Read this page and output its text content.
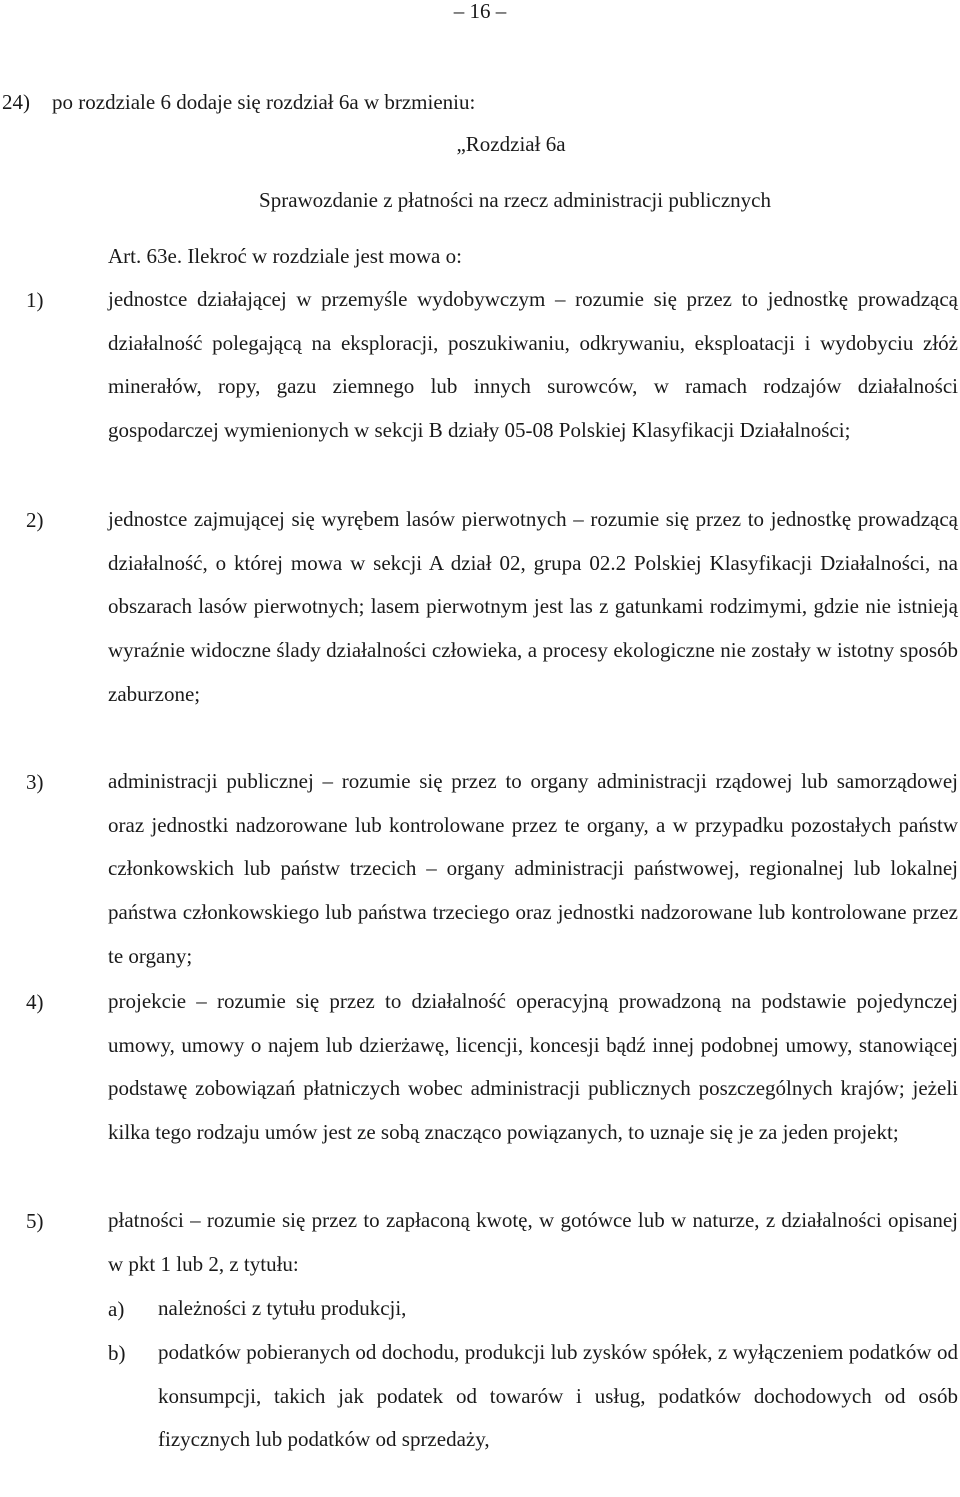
– 16 –
24) po rozdziale 6 dodaje się rozdział 6a w brzmieniu:
„Rozdział 6a
Sprawozdanie z płatności na rzecz administracji publicznych
Art. 63e. Ilekroć w rozdziale jest mowa o:
1)	jednostce działającej w przemyśle wydobywczym – rozumie się przez to jednostkę prowadzącą działalność polegającą na eksploracji, poszukiwaniu, odkrywaniu, eksploatacji i wydobyciu złóż minerałów, ropy, gazu ziemnego lub innych surowców, w ramach rodzajów działalności gospodarczej wymienionych w sekcji B działy 05-08 Polskiej Klasyfikacji Działalności;
2)	jednostce zajmującej się wyrębem lasów pierwotnych – rozumie się przez to jednostkę prowadzącą działalność, o której mowa w sekcji A dział 02, grupa 02.2 Polskiej Klasyfikacji Działalności, na obszarach lasów pierwotnych; lasem pierwotnym jest las z gatunkami rodzimymi, gdzie nie istnieją wyraźnie widoczne ślady działalności człowieka, a procesy ekologiczne nie zostały w istotny sposób zaburzone;
3)	administracji publicznej – rozumie się przez to organy administracji rządowej lub samorządowej oraz jednostki nadzorowane lub kontrolowane przez te organy, a w przypadku pozostałych państw członkowskich lub państw trzecich – organy administracji państwowej, regionalnej lub lokalnej państwa członkowskiego lub państwa trzeciego oraz jednostki nadzorowane lub kontrolowane przez te organy;
4)	projekcie – rozumie się przez to działalność operacyjną prowadzoną na podstawie pojedynczej umowy, umowy o najem lub dzierżawę, licencji, koncesji bądź innej podobnej umowy, stanowiącej podstawę zobowiązań płatniczych wobec administracji publicznych poszczególnych krajów; jeżeli kilka tego rodzaju umów jest ze sobą znacząco powiązanych, to uznaje się je za jeden projekt;
5)	płatności – rozumie się przez to zapłaconą kwotę, w gotówce lub w naturze, z działalności opisanej w pkt 1 lub 2, z tytułu:
a) należności z tytułu produkcji,
b) podatków pobieranych od dochodu, produkcji lub zysków spółek, z wyłączeniem podatków od konsumpcji, takich jak podatek od towarów i usług, podatków dochodowych od osób fizycznych lub podatków od sprzedaży,
